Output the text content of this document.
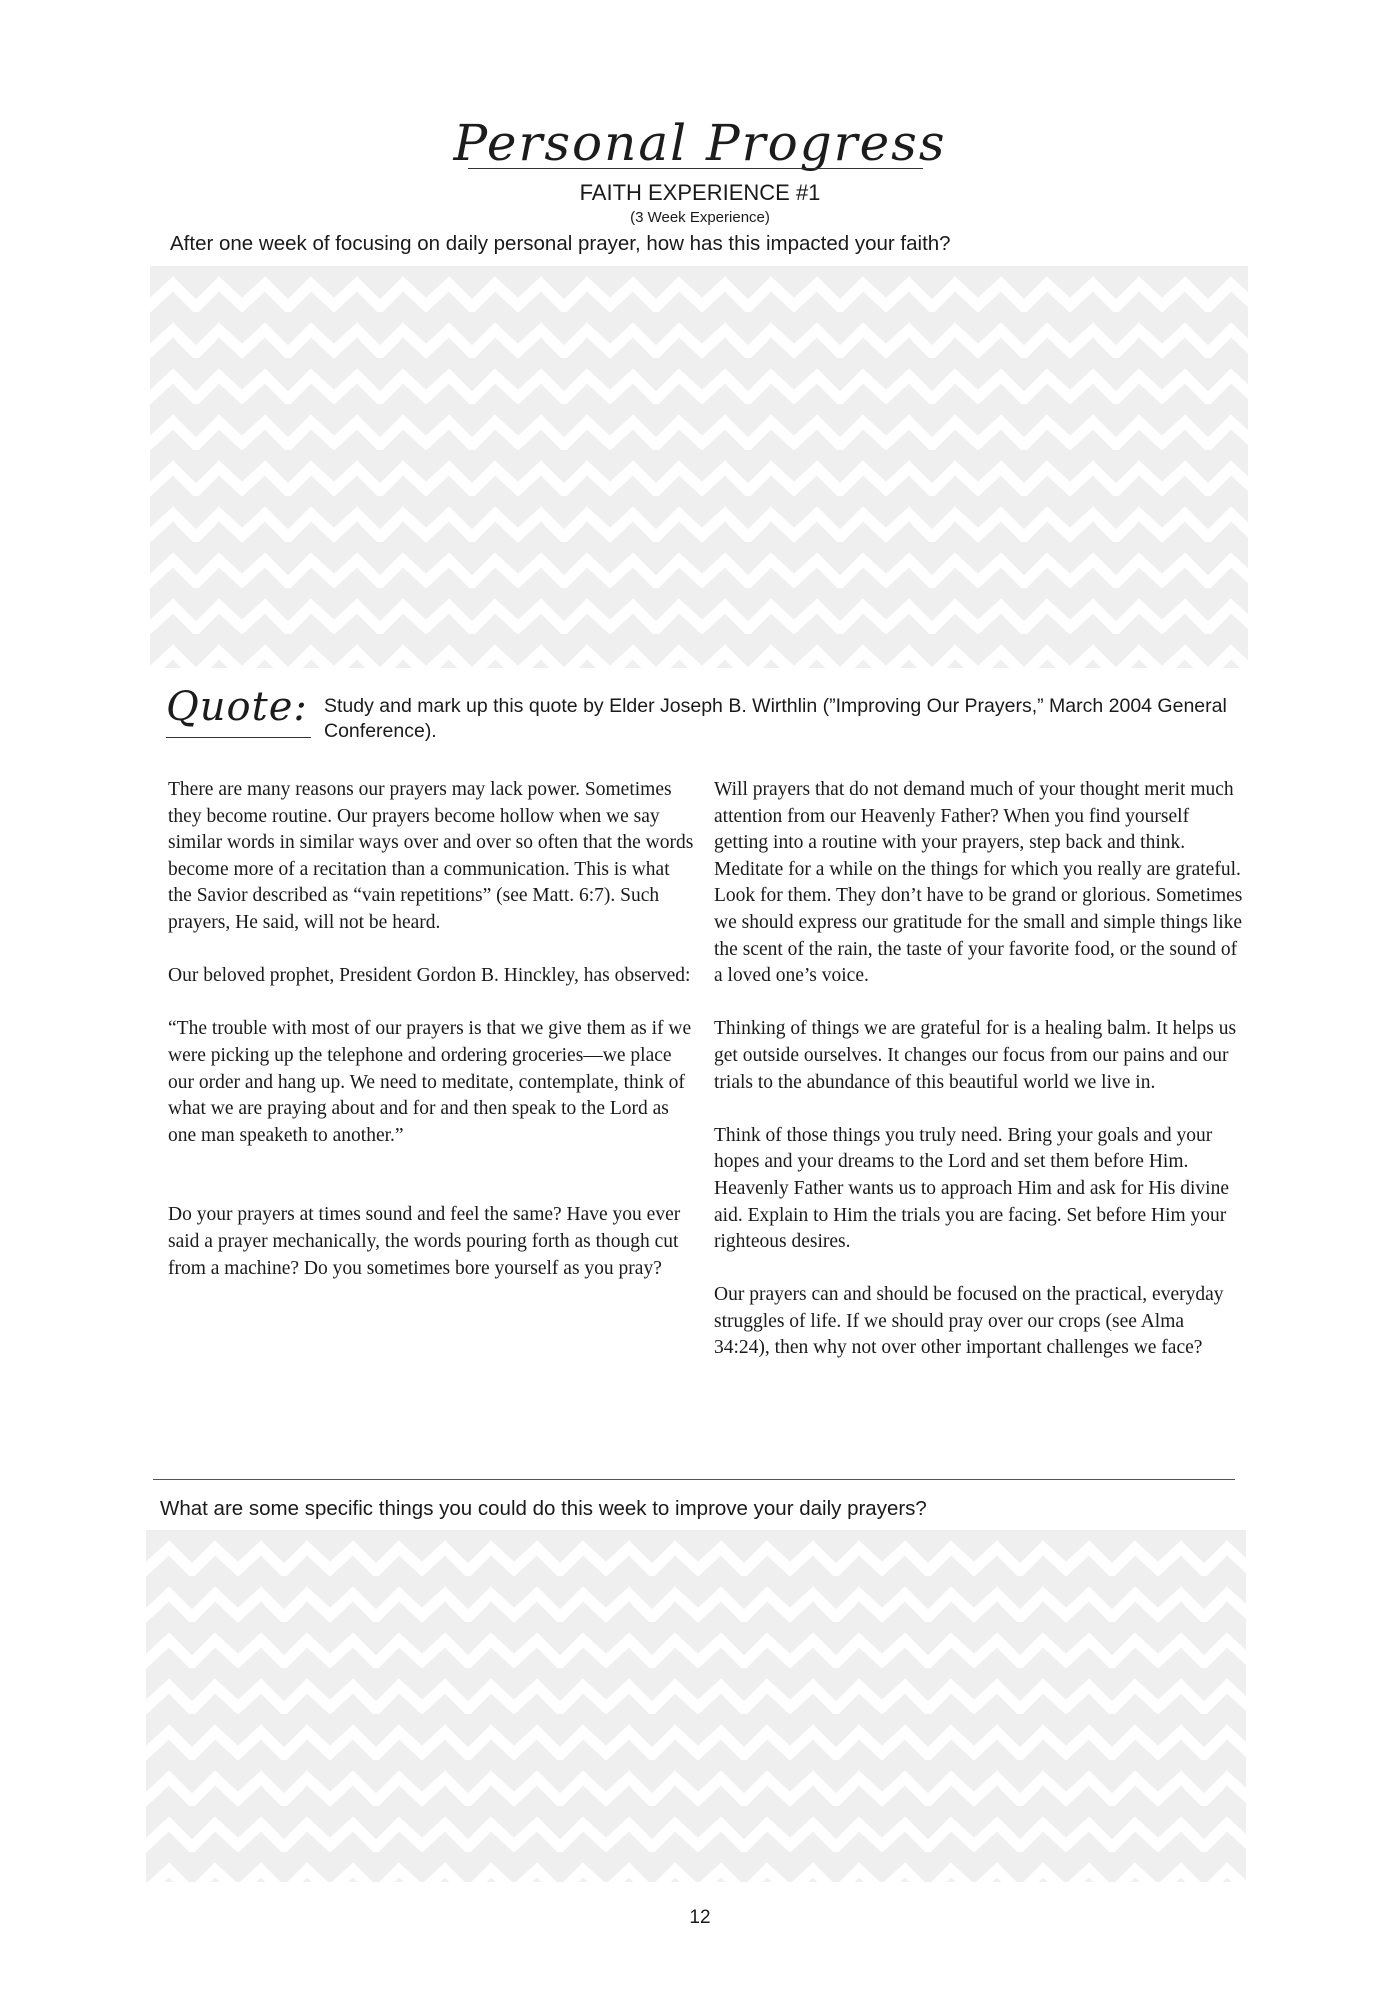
Personal Progress
FAITH EXPERIENCE #1
(3 Week Experience)
After one week of focusing on daily personal prayer, how has this impacted your faith?
Quote: Study and mark up this quote by Elder Joseph B. Wirthlin (”Improving Our Prayers,” March 2004 General Conference).

There are many reasons our prayers may lack power. Sometimes they become routine. Our prayers become hollow when we say similar words in similar ways over and over so often that the words become more of a recitation than a communication. This is what the Savior described as “vain repetitions” (see Matt. 6:7). Such prayers, He said, will not be heard.

Our beloved prophet, President Gordon B. Hinckley, has observed:

“The trouble with most of our prayers is that we give them as if we were picking up the telephone and ordering groceries—we place our order and hang up. We need to meditate, contemplate, think of what we are praying about and for and then speak to the Lord as one man speaketh to another.”

Do your prayers at times sound and feel the same? Have you ever said a prayer mechanically, the words pouring forth as though cut from a machine? Do you sometimes bore yourself as you pray?

Will prayers that do not demand much of your thought merit much attention from our Heavenly Father? When you find yourself getting into a routine with your prayers, step back and think. Meditate for a while on the things for which you really are grateful. Look for them. They don’t have to be grand or glorious. Sometimes we should express our gratitude for the small and simple things like the scent of the rain, the taste of your favorite food, or the sound of a loved one’s voice.

Thinking of things we are grateful for is a healing balm. It helps us get outside ourselves. It changes our focus from our pains and our trials to the abundance of this beautiful world we live in.

Think of those things you truly need. Bring your goals and your hopes and your dreams to the Lord and set them before Him. Heavenly Father wants us to approach Him and ask for His divine aid. Explain to Him the trials you are facing. Set before Him your righteous desires.

Our prayers can and should be focused on the practical, everyday struggles of life. If we should pray over our crops (see Alma 34:24), then why not over other important challenges we face?

What are some specific things you could do this week to improve your daily prayers?
12
